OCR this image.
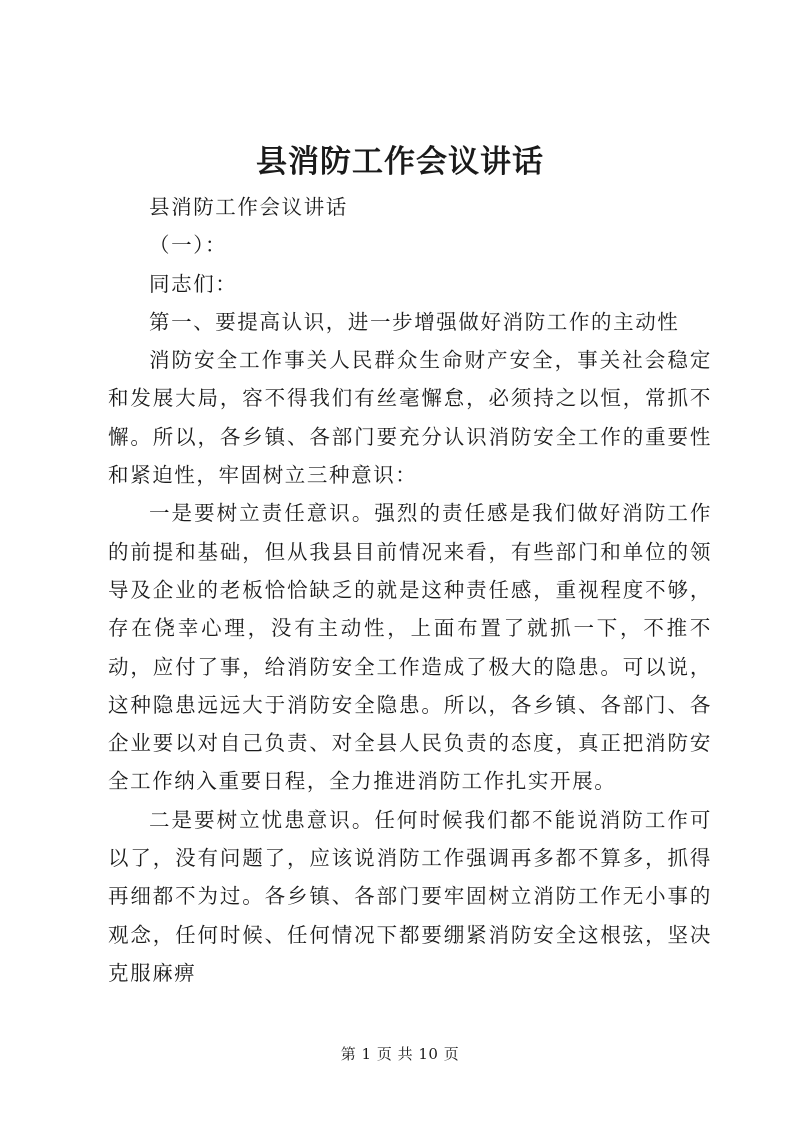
县消防工作会议讲话

县消防工作会议讲话

（一）：

同志们：

第一、要提高认识，进一步增强做好消防工作的主动性

消防安全工作事关人民群众生命财产安全，事关社会稳定和发展大局，容不得我们有丝毫懈怠，必须持之以恒，常抓不懈。所以，各乡镇、各部门要充分认识消防安全工作的重要性和紧迫性，牢固树立三种意识：

一是要树立责任意识。强烈的责任感是我们做好消防工作的前提和基础，但从我县目前情况来看，有些部门和单位的领导及企业的老板恰恰缺乏的就是这种责任感，重视程度不够，存在侥幸心理，没有主动性，上面布置了就抓一下，不推不动，应付了事，给消防安全工作造成了极大的隐患。可以说，这种隐患远远大于消防安全隐患。所以，各乡镇、各部门、各企业要以对自己负责、对全县人民负责的态度，真正把消防安全工作纳入重要日程，全力推进消防工作扎实开展。

二是要树立忧患意识。任何时候我们都不能说消防工作可以了，没有问题了，应该说消防工作强调再多都不算多，抓得再细都不为过。各乡镇、各部门要牢固树立消防工作无小事的观念，任何时候、任何情况下都要绷紧消防安全这根弦，坚决克服麻痹

第 1 页 共 10 页
